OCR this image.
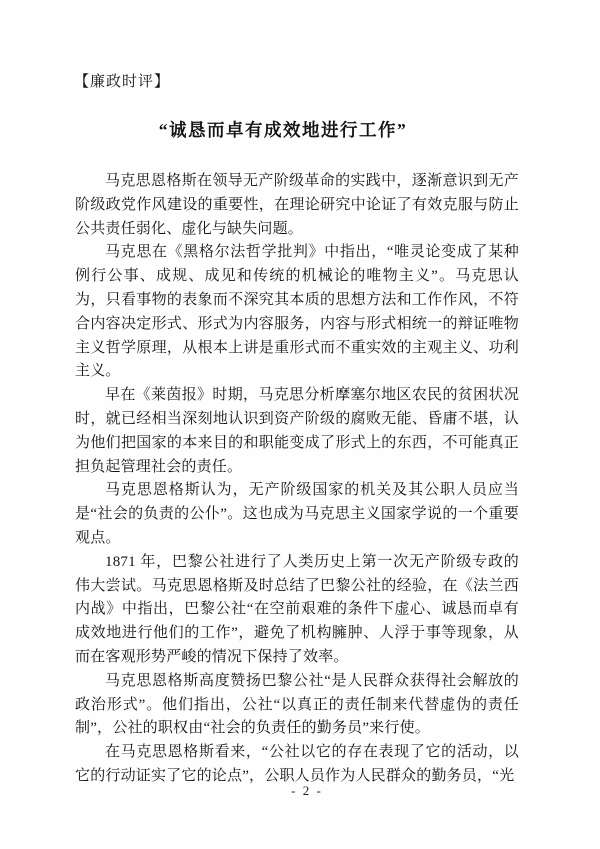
【廉政时评】
“诚恳而卓有成效地进行工作”

马克思恩格斯在领导无产阶级革命的实践中，逐渐意识到无产阶级政党作风建设的重要性，在理论研究中论证了有效克服与防止公共责任弱化、虚化与缺失问题。

马克思在《黑格尔法哲学批判》中指出，“唯灵论变成了某种例行公事、成规、成见和传统的机械论的唯物主义”。马克思认为，只看事物的表象而不深究其本质的思想方法和工作作风，不符合内容决定形式、形式为内容服务，内容与形式相统一的辩证唯物主义哲学原理，从根本上讲是重形式而不重实效的主观主义、功利主义。

早在《莱茵报》时期，马克思分析摩塞尔地区农民的贫困状况时，就已经相当深刻地认识到资产阶级的腐败无能、昏庸不堪，认为他们把国家的本来目的和职能变成了形式上的东西，不可能真正担负起管理社会的责任。

马克思恩格斯认为，无产阶级国家的机关及其公职人员应当是“社会的负责的公仆”。这也成为马克思主义国家学说的一个重要观点。

1871 年，巴黎公社进行了人类历史上第一次无产阶级专政的伟大尝试。马克思恩格斯及时总结了巴黎公社的经验，在《法兰西内战》中指出，巴黎公社“在空前艰难的条件下虚心、诚恳而卓有成效地进行他们的工作”，避免了机构臃肿、人浮于事等现象，从而在客观形势严峻的情况下保持了效率。

马克思恩格斯高度赞扬巴黎公社“是人民群众获得社会解放的政治形式”。他们指出，公社“以真正的责任制来代替虚伪的责任制”，公社的职权由“社会的负责任的勤务员”来行使。

在马克思恩格斯看来，“公社以它的存在表现了它的活动，以它的行动证实了它的论点”，公职人员作为人民群众的勤务员，“光

- 2 -
